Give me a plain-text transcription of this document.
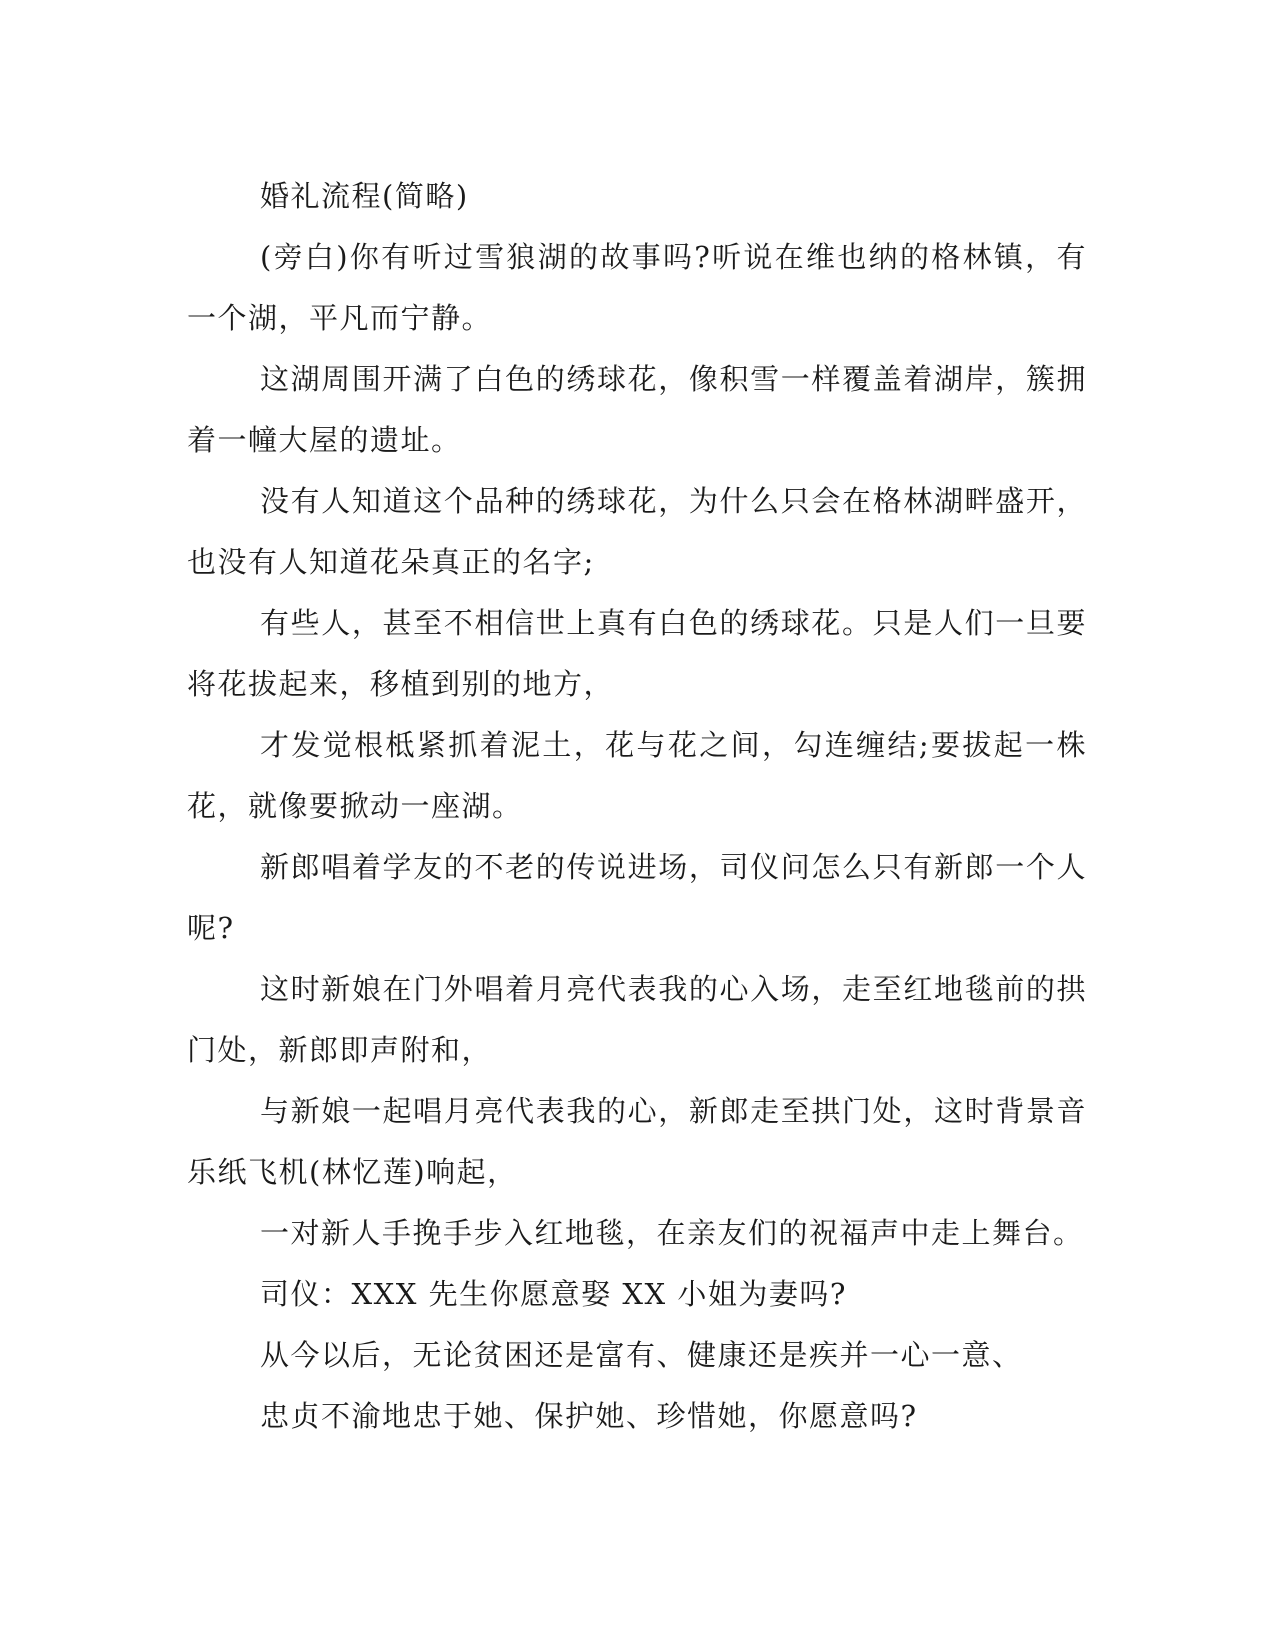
婚礼流程(简略)

(旁白)你有听过雪狼湖的故事吗?听说在维也纳的格林镇，有一个湖，平凡而宁静。

这湖周围开满了白色的绣球花，像积雪一样覆盖着湖岸，簇拥着一幢大屋的遗址。

没有人知道这个品种的绣球花，为什么只会在格林湖畔盛开，也没有人知道花朵真正的名字;

有些人，甚至不相信世上真有白色的绣球花。只是人们一旦要将花拔起来，移植到别的地方，

才发觉根柢紧抓着泥土，花与花之间，勾连缠结;要拔起一株花，就像要掀动一座湖。

新郎唱着学友的不老的传说进场，司仪问怎么只有新郎一个人呢?

这时新娘在门外唱着月亮代表我的心入场，走至红地毯前的拱门处，新郎即声附和，

与新娘一起唱月亮代表我的心，新郎走至拱门处，这时背景音乐纸飞机(林忆莲)响起，

一对新人手挽手步入红地毯，在亲友们的祝福声中走上舞台。

司仪：XXX 先生你愿意娶 XX 小姐为妻吗?

从今以后，无论贫困还是富有、健康还是疾并一心一意、

忠贞不渝地忠于她、保护她、珍惜她，你愿意吗?
